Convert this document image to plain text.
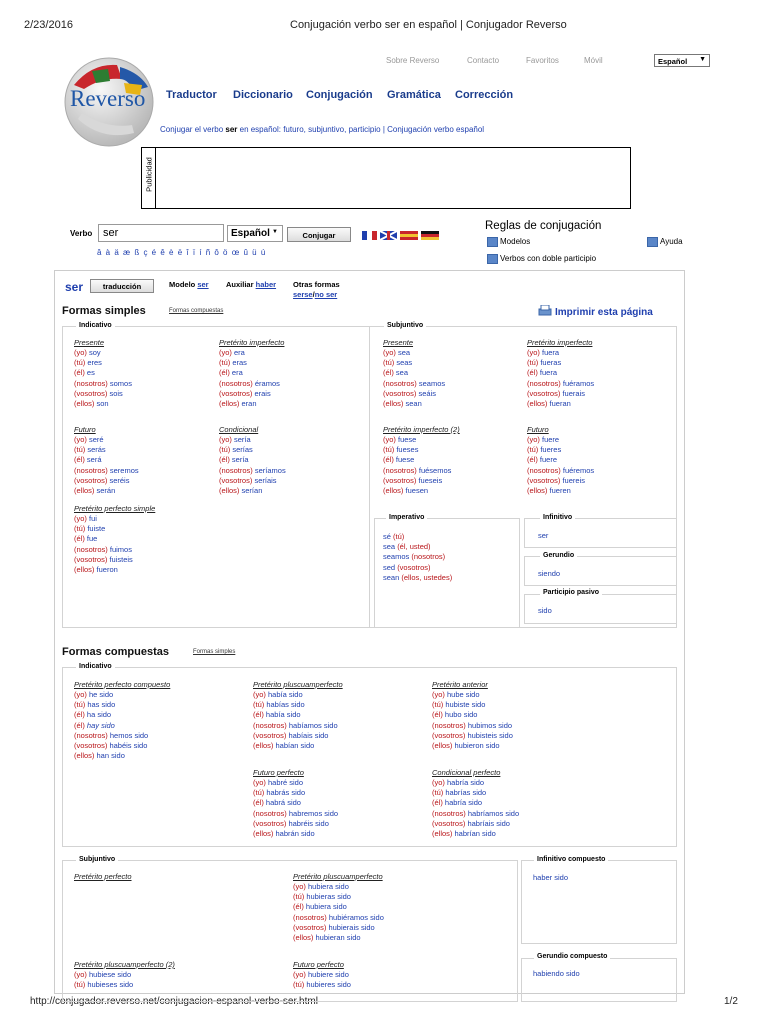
2/23/2016	Conjugación verbo ser en español | Conjugador Reverso
http://conjugador.reverso.net/conjugacion-espanol-verbo-ser.html	1/2
Reverso
Sobre Reverso	Contacto	Favoritos	Móvil	Español ▼
Traductor Diccionario Conjugación Gramática Corrección
Conjugar el verbo ser en español: futuro, subjuntivo, participio | Conjugación verbo español
Publicidad
Verbo ser	Español ▼	Conjugar
â à ä æ ß ç é ê è ë î ï í ñ ô ö œ û ü ú
Reglas de conjugación
Modelos
Verbos con doble participio
Ayuda
ser	traducción	Modelo ser Auxiliar haber Otras formas
serse/no ser
Formas simples	Formas compuestas	Imprimir esta página
Indicativo
Presente
(yo) soy
(tú) eres
(él) es
(nosotros) somos
(vosotros) sois
(ellos) son
Pretérito imperfecto
(yo) era
(tú) eras
(él) era
(nosotros) éramos
(vosotros) erais
(ellos) eran
Futuro
(yo) seré
(tú) serás
(él) será
(nosotros) seremos
(vosotros) seréis
(ellos) serán
Condicional
(yo) sería
(tú) serías
(él) sería
(nosotros) seríamos
(vosotros) seríais
(ellos) serían
Pretérito perfecto simple
(yo) fui
(tú) fuiste
(él) fue
(nosotros) fuimos
(vosotros) fuisteis
(ellos) fueron
Subjuntivo
Presente
(yo) sea
(tú) seas
(él) sea
(nosotros) seamos
(vosotros) seáis
(ellos) sean
Pretérito imperfecto
(yo) fuera
(tú) fueras
(él) fuera
(nosotros) fuéramos
(vosotros) fuerais
(ellos) fueran
Pretérito imperfecto (2)
(yo) fuese
(tú) fueses
(él) fuese
(nosotros) fuésemos
(vosotros) fueseis
(ellos) fuesen
Futuro
(yo) fuere
(tú) fueres
(él) fuere
(nosotros) fuéremos
(vosotros) fuereis
(ellos) fueren
Imperativo
sé (tú)
sea (él, usted)
seamos (nosotros)
sed (vosotros)
sean (ellos, ustedes)
Infinitivo
ser
Gerundio
siendo
Participio pasivo
sido
Formas compuestas	Formas simples
Indicativo
Pretérito perfecto compuesto
(yo) he sido
(tú) has sido
(él) ha sido
(él) hay sido
(nosotros) hemos sido
(vosotros) habéis sido
(ellos) han sido
Pretérito pluscuamperfecto
(yo) había sido
(tú) habías sido
(él) había sido
(nosotros) habíamos sido
(vosotros) habíais sido
(ellos) habían sido
Pretérito anterior
(yo) hube sido
(tú) hubiste sido
(él) hubo sido
(nosotros) hubimos sido
(vosotros) hubisteis sido
(ellos) hubieron sido
Futuro perfecto
(yo) habré sido
(tú) habrás sido
(él) habrá sido
(nosotros) habremos sido
(vosotros) habréis sido
(ellos) habrán sido
Condicional perfecto
(yo) habría sido
(tú) habrías sido
(él) habría sido
(nosotros) habríamos sido
(vosotros) habríais sido
(ellos) habrían sido
Subjuntivo
Pretérito perfecto	Pretérito pluscuamperfecto
(yo) hubiera sido
(tú) hubieras sido
(él) hubiera sido
(nosotros) hubiéramos sido
(vosotros) hubierais sido
(ellos) hubieran sido
Pretérito pluscuamperfecto (2)
(yo) hubiese sido
(tú) hubieses sido
Futuro perfecto
(yo) hubiere sido
(tú) hubieres sido
Infinitivo compuesto
haber sido
Gerundio compuesto
habiendo sido
